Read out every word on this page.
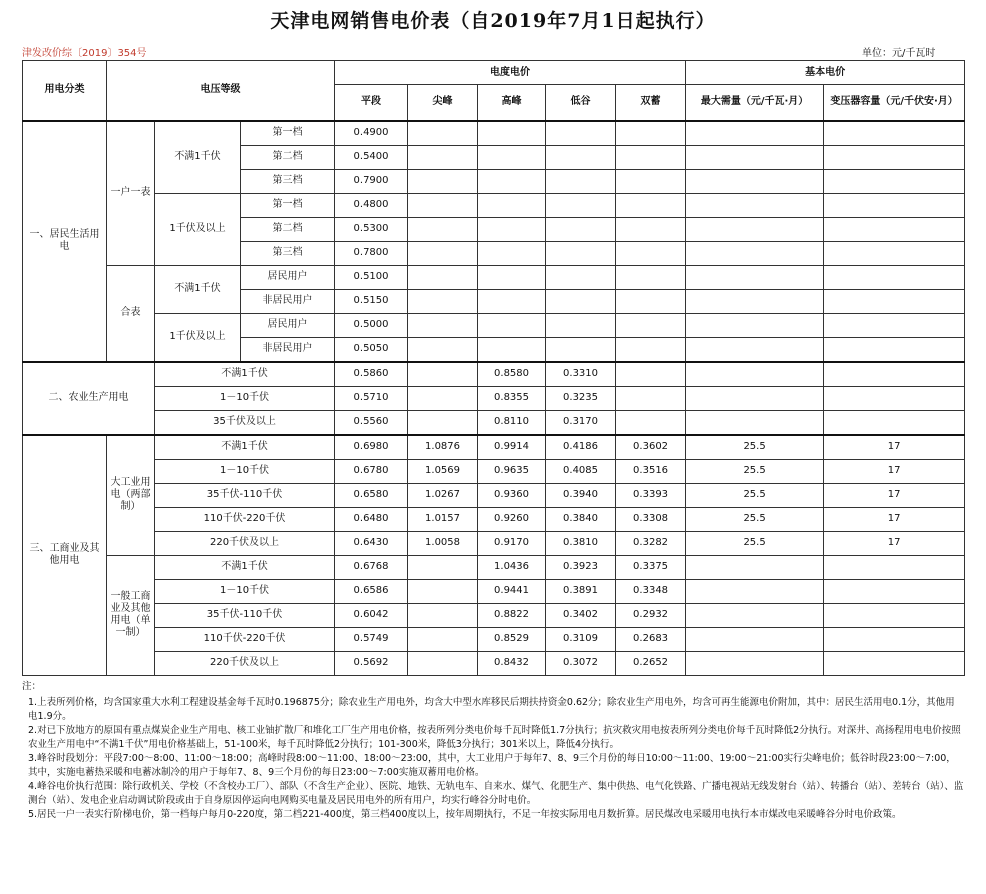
天津电网销售电价表（自2019年7月1日起执行）
津发改价综〔2019〕354号	单位：元/千瓦时
用电分类	电压等级			电度电价					基本电价	
				平段	尖峰	高峰	低谷	双蓄	最大需量（元/千瓦·月）	变压器容量（元/千伏安·月）
一、居民生活用电	一户一表	不满1千伏	第一档	0.4900						
			第二档	0.5400						
			第三档	0.7900						
		1千伏及以上	第一档	0.4800						
			第二档	0.5300						
			第三档	0.7800						
	合表	不满1千伏	居民用户	0.5100						
			非居民用户	0.5150						
		1千伏及以上	居民用户	0.5000						
			非居民用户	0.5050						
二、农业生产用电		不满1千伏		0.5860		0.8580	0.3310			
		1－10千伏		0.5710		0.8355	0.3235			
		35千伏及以上		0.5560		0.8110	0.3170			
三、工商业及其他用电	大工业用电（两部制）	不满1千伏		0.6980	1.0876	0.9914	0.4186	0.3602	25.5	17
		1－10千伏		0.6780	1.0569	0.9635	0.4085	0.3516	25.5	17
		35千伏-110千伏		0.6580	1.0267	0.9360	0.3940	0.3393	25.5	17
		110千伏-220千伏		0.6480	1.0157	0.9260	0.3840	0.3308	25.5	17
		220千伏及以上		0.6430	1.0058	0.9170	0.3810	0.3282	25.5	17
	一般工商业及其他用电（单一制）	不满1千伏		0.6768		1.0436	0.3923	0.3375		
		1－10千伏		0.6586		0.9441	0.3891	0.3348		
		35千伏-110千伏		0.6042		0.8822	0.3402	0.2932		
		110千伏-220千伏		0.5749		0.8529	0.3109	0.2683		
		220千伏及以上		0.5692		0.8432	0.3072	0.2652		
注：

1.上表所列价格，均含国家重大水利工程建设基金每千瓦时0.196875分；除农业生产用电外，均含大中型水库移民后期扶持资金0.62分；除农业生产用电外，均含可再生能源电价附加，其中：居民生活用电0.1分，其他用电1.9分。

2.对已下放地方的原国有重点煤炭企业生产用电、核工业铀扩散厂和堆化工厂生产用电价格，按表所列分类电价每千瓦时降低1.7分执行；抗灾救灾用电按表所列分类电价每千瓦时降低2分执行。对深井、高扬程用电电价按照农业生产用电中“不满1千伏”用电价格基础上，51-100米，每千瓦时降低2分执行；101-300米，降低3分执行；301米以上，降低4分执行。

3.峰谷时段划分：平段7:00～8:00、11:00～18:00；高峰时段8:00～11:00、18:00～23:00，其中，大工业用户于每年7、8、9三个月份的每日10:00～11:00、19:00～21:00实行尖峰电价；低谷时段23:00～7:00，其中，实施电蓄热采暖和电蓄冰制冷的用户于每年7、8、9三个月份的每日23:00～7:00实施双蓄用电价格。

4.峰谷电价执行范围：除行政机关、学校（不含校办工厂）、部队（不含生产企业）、医院、地铁、无轨电车、自来水、煤气、化肥生产、集中供热、电气化铁路、广播电视站无线发射台（站）、转播台（站）、差转台（站）、监测台（站）、发电企业启动调试阶段或由于自身原因停运向电网购买电量及居民用电外的所有用户，均实行峰谷分时电价。

5.居民一户一表实行阶梯电价，第一档每户每月0-220度，第二档221-400度，第三档400度以上，按年周期执行，不足一年按实际用电月数折算。居民煤改电采暖用电执行本市煤改电采暖峰谷分时电价政策。
